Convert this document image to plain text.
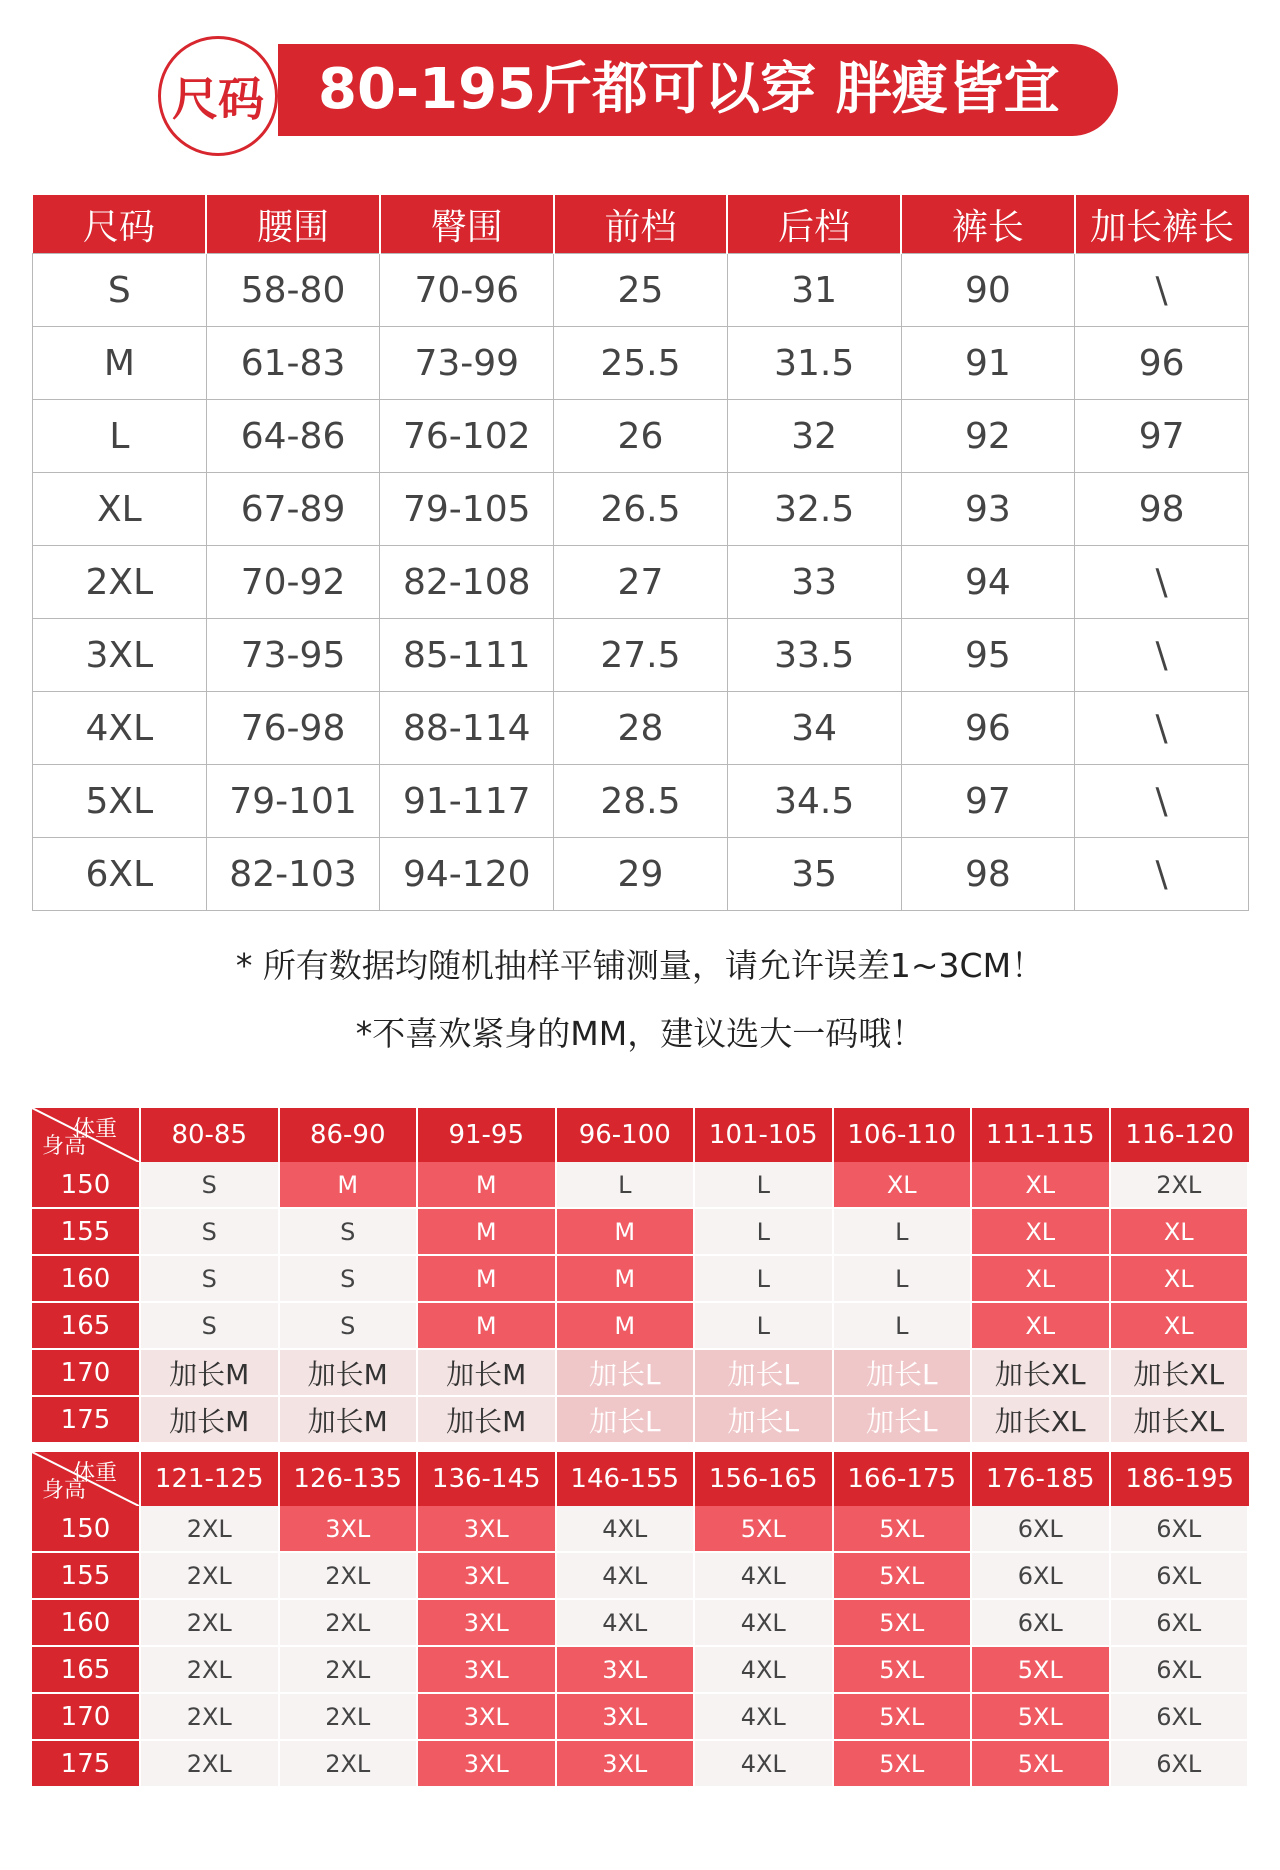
80-195斤都可以穿 胖瘦皆宜
尺码
尺码	腰围	臀围	前档	后档	裤长	加长裤长
S	58-80	70-96	25	31	90	\
M	61-83	73-99	25.5	31.5	91	96
L	64-86	76-102	26	32	92	97
XL	67-89	79-105	26.5	32.5	93	98
2XL	70-92	82-108	27	33	94	\
3XL	73-95	85-111	27.5	33.5	95	\
4XL	76-98	88-114	28	34	96	\
5XL	79-101	91-117	28.5	34.5	97	\
6XL	82-103	94-120	29	35	98	\
* 所有数据均随机抽样平铺测量，请允许误差1~3CM！
*不喜欢紧身的MM，建议选大一码哦！
体重
身高	80-85	86-90	91-95	96-100	101-105	106-110	111-115	116-120
150	S	M	M	L	L	XL	XL	2XL
155	S	S	M	M	L	L	XL	XL
160	S	S	M	M	L	L	XL	XL
165	S	S	M	M	L	L	XL	XL
170	加长M	加长M	加长M	加长L	加长L	加长L	加长XL	加长XL
175	加长M	加长M	加长M	加长L	加长L	加长L	加长XL	加长XL
体重
身高	121-125	126-135	136-145	146-155	156-165	166-175	176-185	186-195
150	2XL	3XL	3XL	4XL	5XL	5XL	6XL	6XL
155	2XL	2XL	3XL	4XL	4XL	5XL	6XL	6XL
160	2XL	2XL	3XL	4XL	4XL	5XL	6XL	6XL
165	2XL	2XL	3XL	3XL	4XL	5XL	5XL	6XL
170	2XL	2XL	3XL	3XL	4XL	5XL	5XL	6XL
175	2XL	2XL	3XL	3XL	4XL	5XL	5XL	6XL
